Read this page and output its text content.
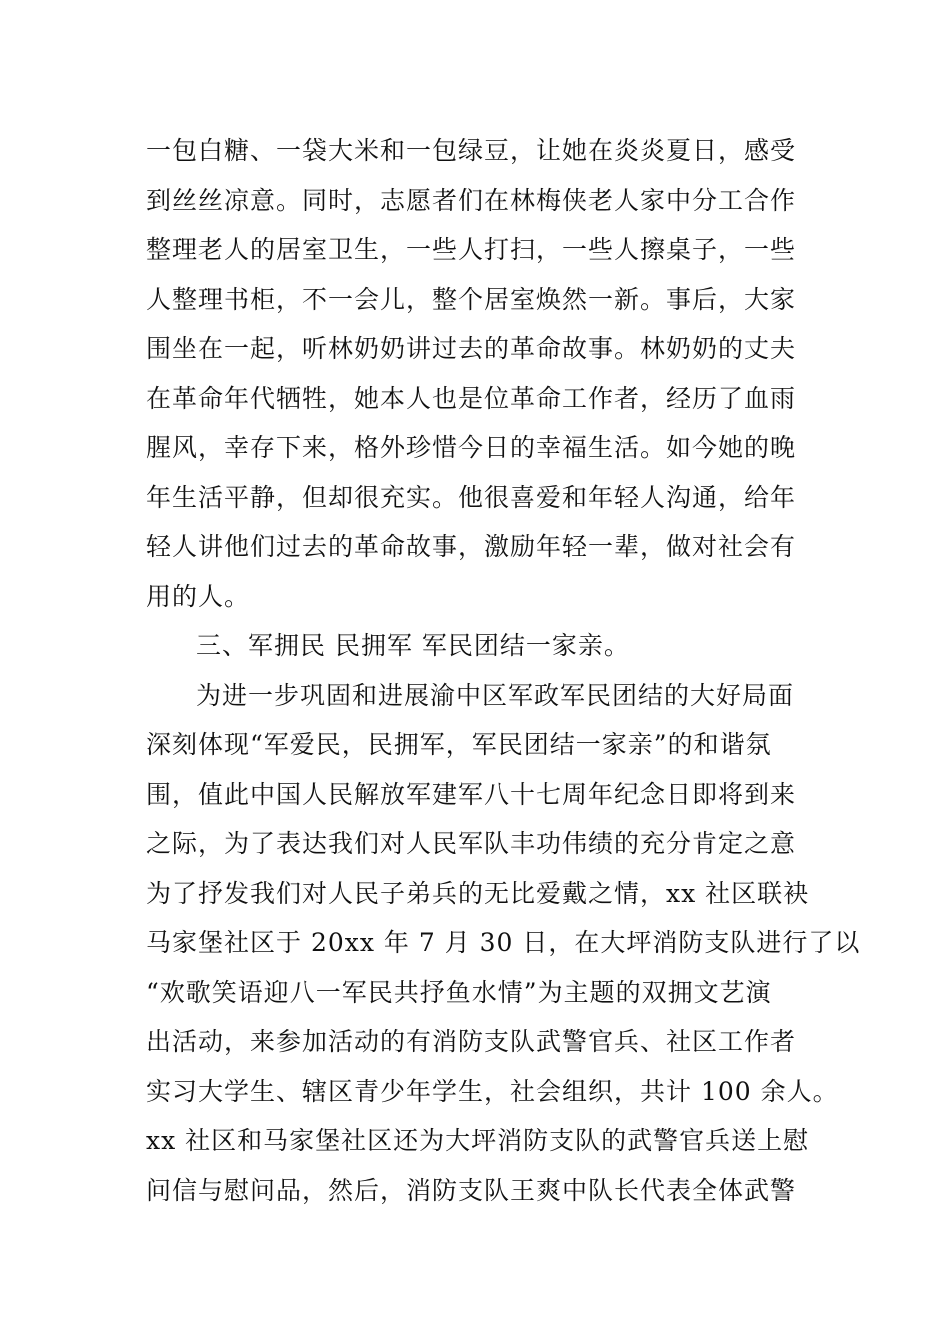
一包白糖、一袋大米和一包绿豆，让她在炎炎夏日，感受
到丝丝凉意。同时，志愿者们在林梅侠老人家中分工合作
整理老人的居室卫生，一些人打扫，一些人擦桌子，一些
人整理书柜，不一会儿，整个居室焕然一新。事后，大家
围坐在一起，听林奶奶讲过去的革命故事。林奶奶的丈夫
在革命年代牺牲，她本人也是位革命工作者，经历了血雨
腥风，幸存下来，格外珍惜今日的幸福生活。如今她的晚
年生活平静，但却很充实。他很喜爱和年轻人沟通，给年
轻人讲他们过去的革命故事，激励年轻一辈，做对社会有
用的人。
三、军拥民 民拥军 军民团结一家亲。
为进一步巩固和进展渝中区军政军民团结的大好局面
深刻体现“军爱民，民拥军，军民团结一家亲”的和谐氛
围，值此中国人民解放军建军八十七周年纪念日即将到来
之际，为了表达我们对人民军队丰功伟绩的充分肯定之意
为了抒发我们对人民子弟兵的无比爱戴之情，xx 社区联袂
马家堡社区于 20xx 年 7 月 30 日，在大坪消防支队进行了以
“欢歌笑语迎八一军民共抒鱼水情”为主题的双拥文艺演
出活动，来参加活动的有消防支队武警官兵、社区工作者
实习大学生、辖区青少年学生，社会组织，共计 100 余人。
xx 社区和马家堡社区还为大坪消防支队的武警官兵送上慰
问信与慰问品，然后，消防支队王爽中队长代表全体武警
